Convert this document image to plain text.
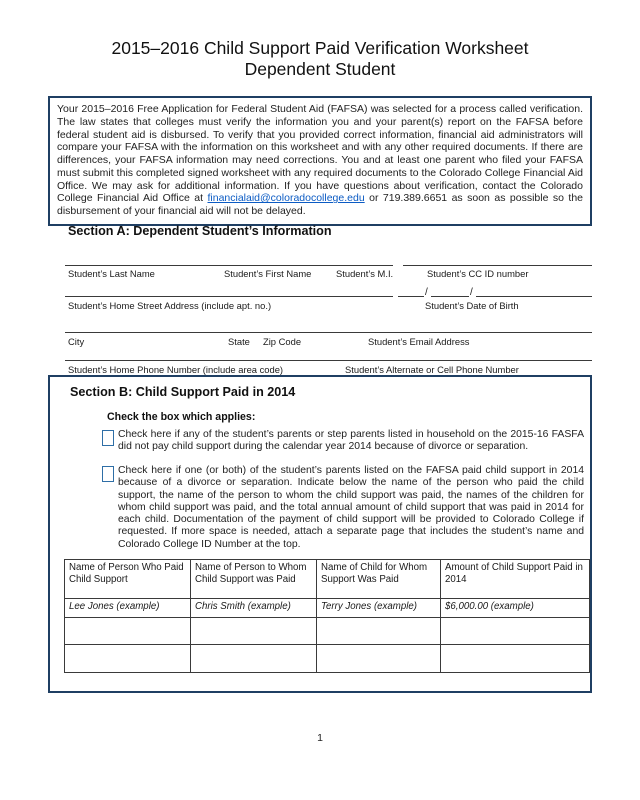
2015–2016 Child Support Paid Verification Worksheet
Dependent Student
Your 2015–2016 Free Application for Federal Student Aid (FAFSA) was selected for a process called verification. The law states that colleges must verify the information you and your parent(s) report on the FAFSA before federal student aid is disbursed. To verify that you provided correct information, financial aid administrators will compare your FAFSA with the information on this worksheet and with any other required documents. If there are differences, your FAFSA information may need corrections. You and at least one parent who filed your FAFSA must submit this completed signed worksheet with any required documents to the Colorado College Financial Aid Office. We may ask for additional information. If you have questions about verification, contact the Colorado College Financial Aid Office at financialaid@coloradocollege.edu or 719.389.6651 as soon as possible so the disbursement of your financial aid will not be delayed.
Section A: Dependent Student’s Information
Student’s Last Name	Student’s First Name	Student’s M.I.	Student’s CC ID number
/	/
Student’s Home Street Address (include apt. no.)	Student’s Date of Birth
City	State Zip Code	Student’s Email Address
Student’s Home Phone Number (include area code)	Student’s Alternate or Cell Phone Number
Section B: Child Support Paid in 2014
Check the box which applies:
Check here if any of the student’s parents or step parents listed in household on the 2015-16 FASFA did not pay child support during the calendar year 2014 because of divorce or separation.
Check here if one (or both) of the student’s parents listed on the FAFSA paid child support in 2014 because of a divorce or separation. Indicate below the name of the person who paid the child support, the name of the person to whom the child support was paid, the names of the children for whom child support was paid, and the total annual amount of child support that was paid in 2014 for each child. Documentation of the payment of child support will be provided to Colorado College if requested. If more space is needed, attach a separate page that includes the student’s name and Colorado College ID Number at the top.
Name of Person Who Paid Child Support	Name of Person to Whom Child Support was Paid	Name of Child for Whom Support Was Paid	Amount of Child Support Paid in 2014
Lee Jones (example)	Chris Smith (example)	Terry Jones (example)	$6,000.00 (example)

1
